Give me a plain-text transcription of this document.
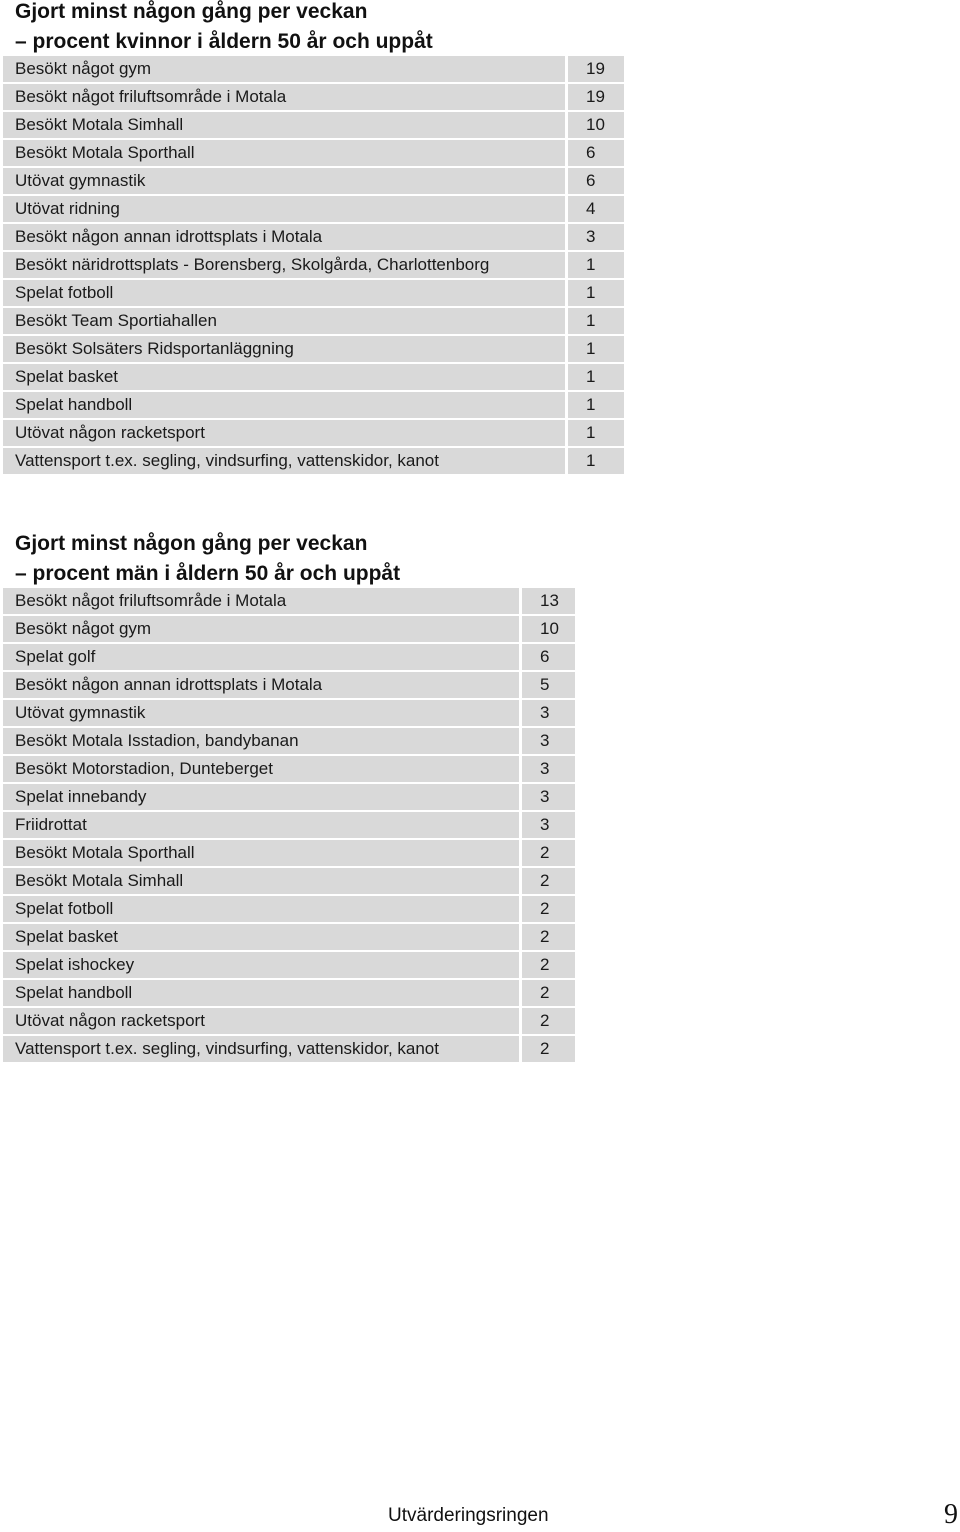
Gjort minst någon gång per veckan
– procent kvinnor i åldern 50 år och uppåt
Besökt något gym	19
Besökt något friluftsområde i Motala	19
Besökt Motala Simhall	10
Besökt Motala Sporthall	6
Utövat gymnastik	6
Utövat ridning	4
Besökt någon annan idrottsplats i Motala	3
Besökt näridrottsplats - Borensberg, Skolgårda, Charlottenborg	1
Spelat fotboll	1
Besökt Team Sportiahallen	1
Besökt Solsäters Ridsportanläggning	1
Spelat basket	1
Spelat handboll	1
Utövat någon racketsport	1
Vattensport t.ex. segling, vindsurfing, vattenskidor, kanot	1
Gjort minst någon gång per veckan
– procent män i åldern 50 år och uppåt
Besökt något friluftsområde i Motala	13
Besökt något gym	10
Spelat golf	6
Besökt någon annan idrottsplats i Motala	5
Utövat gymnastik	3
Besökt Motala Isstadion, bandybanan	3
Besökt Motorstadion, Dunteberget	3
Spelat innebandy	3
Friidrottat	3
Besökt Motala Sporthall	2
Besökt Motala Simhall	2
Spelat fotboll	2
Spelat basket	2
Spelat ishockey	2
Spelat handboll	2
Utövat någon racketsport	2
Vattensport t.ex. segling, vindsurfing, vattenskidor, kanot	2
Utvärderingsringen	9
